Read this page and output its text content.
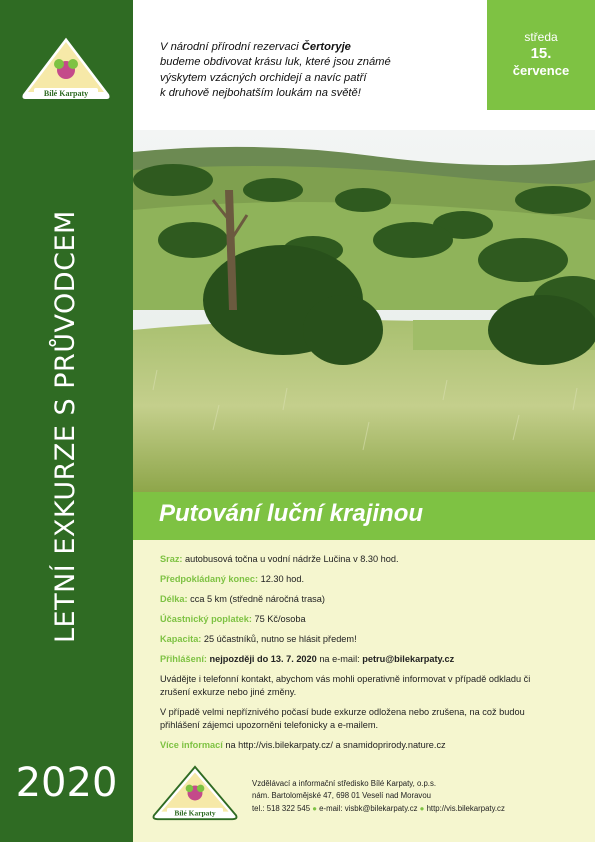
Bílé Karpaty
LETNÍ EXKURZE S PRŮVODCEM
2020
V národní přírodní rezervaci Čertoryje
budeme obdivovat krásu luk, které jsou známé
výskytem vzácných orchidejí a navíc patří
k druhově nejbohatším loukám na světě!
středa
15.
července
Putování luční krajinou
Sraz: autobusová točna u vodní nádrže Lučina v 8.30 hod.
Předpokládaný konec: 12.30 hod.
Délka: cca 5 km (středně náročná trasa)
Účastnický poplatek: 75 Kč/osoba
Kapacita: 25 účastníků, nutno se hlásit předem!
Přihlášení: nejpozději do 13. 7. 2020 na e-mail: petru@bilekarpaty.cz
Uvádějte i telefonní kontakt, abychom vás mohli operativně informovat v případě odkladu či zrušení exkurze nebo jiné změny.
V případě velmi nepříznivého počasí bude exkurze odložena nebo zrušena, na což budou přihlášení zájemci upozorněni telefonicky a e-mailem.
Více informací na http://vis.bilekarpaty.cz/ a snamidoprirody.nature.cz
Bílé Karpaty
Vzdělávací a informační středisko Bílé Karpaty, o.p.s.
nám. Bartolomějské 47, 698 01 Veselí nad Moravou
tel.: 518 322 545 ● e-mail: visbk@bilekarpaty.cz ● http://vis.bilekarpaty.cz
